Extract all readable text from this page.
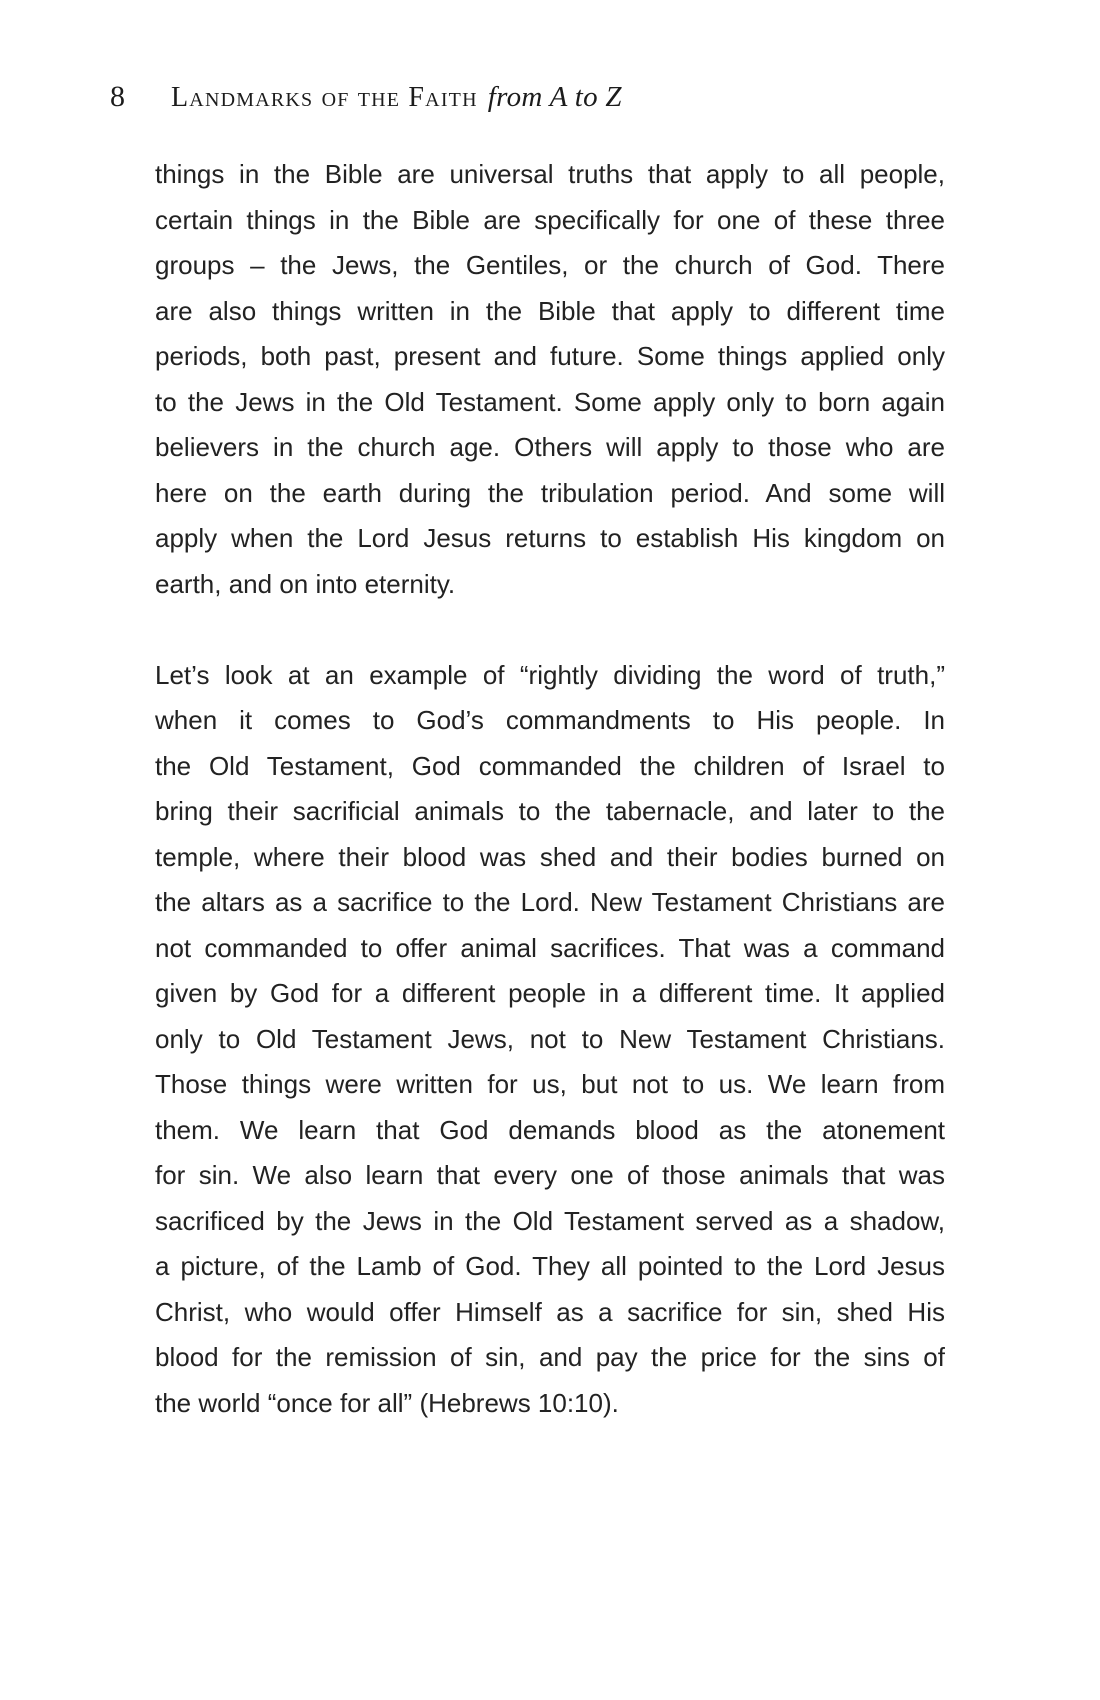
8 Landmarks of the Faith from A to Z
things in the Bible are universal truths that apply to all people,
certain things in the Bible are specifically for one of these three
groups – the Jews, the Gentiles, or the church of God. There
are also things written in the Bible that apply to different time
periods, both past, present and future. Some things applied only
to the Jews in the Old Testament. Some apply only to born again
believers in the church age. Others will apply to those who are
here on the earth during the tribulation period. And some will
apply when the Lord Jesus returns to establish His kingdom on
earth, and on into eternity.
Let’s look at an example of “rightly dividing the word of truth,”
when it comes to God’s commandments to His people. In
the Old Testament, God commanded the children of Israel to
bring their sacrificial animals to the tabernacle, and later to the
temple, where their blood was shed and their bodies burned on
the altars as a sacrifice to the Lord. New Testament Christians are
not commanded to offer animal sacrifices. That was a command
given by God for a different people in a different time. It applied
only to Old Testament Jews, not to New Testament Christians.
Those things were written for us, but not to us. We learn from
them. We learn that God demands blood as the atonement
for sin. We also learn that every one of those animals that was
sacrificed by the Jews in the Old Testament served as a shadow,
a picture, of the Lamb of God. They all pointed to the Lord Jesus
Christ, who would offer Himself as a sacrifice for sin, shed His
blood for the remission of sin, and pay the price for the sins of
the world “once for all” (Hebrews 10:10).
